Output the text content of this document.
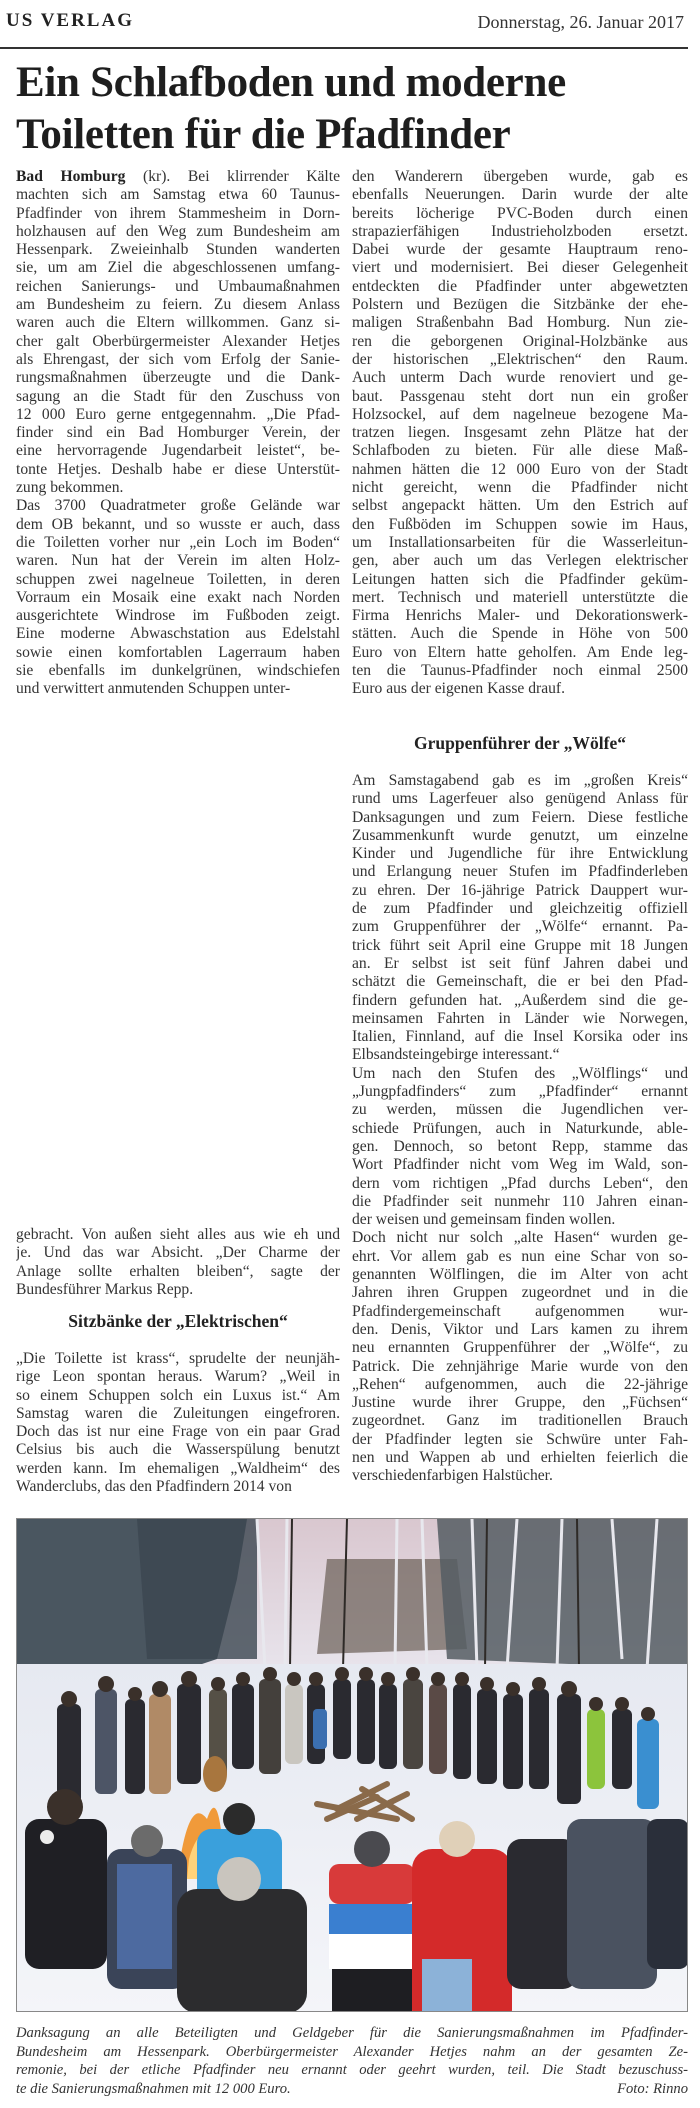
US VERLAG	Donnerstag, 26. Januar 2017
Ein Schlafboden und moderne
Toiletten für die Pfadfinder
Bad Homburg (kr). Bei klirrender Kälte
machten sich am Samstag etwa 60 Taunus-
Pfadfinder von ihrem Stammesheim in Dorn-
holzhausen auf den Weg zum Bundesheim am
Hessenpark. Zweieinhalb Stunden wanderten
sie, um am Ziel die abgeschlossenen umfang-
reichen Sanierungs- und Umbaumaßnahmen
am Bundesheim zu feiern. Zu diesem Anlass
waren auch die Eltern willkommen. Ganz si-
cher galt Oberbürgermeister Alexander Hetjes
als Ehrengast, der sich vom Erfolg der Sanie-
rungsmaßnahmen überzeugte und die Dank-
sagung an die Stadt für den Zuschuss von
12 000 Euro gerne entgegennahm. „Die Pfad-
finder sind ein Bad Homburger Verein, der
eine hervorragende Jugendarbeit leistet“, be-
tonte Hetjes. Deshalb habe er diese Unterstüt-
zung bekommen.
Das 3700 Quadratmeter große Gelände war
dem OB bekannt, und so wusste er auch, dass
die Toiletten vorher nur „ein Loch im Boden“
waren. Nun hat der Verein im alten Holz-
schuppen zwei nagelneue Toiletten, in deren
Vorraum ein Mosaik eine exakt nach Norden
ausgerichtete Windrose im Fußboden zeigt.
Eine moderne Abwaschstation aus Edelstahl
sowie einen komfortablen Lagerraum haben
sie ebenfalls im dunkelgrünen, windschiefen
und verwittert anmutenden Schuppen unter-
gebracht. Von außen sieht alles aus wie eh und
je. Und das war Absicht. „Der Charme der
Anlage sollte erhalten bleiben“, sagte der
Bundesführer Markus Repp.
Sitzbänke der „Elektrischen“
„Die Toilette ist krass“, sprudelte der neunjäh-
rige Leon spontan heraus. Warum? „Weil in
so einem Schuppen solch ein Luxus ist.“ Am
Samstag waren die Zuleitungen eingefroren.
Doch das ist nur eine Frage von ein paar Grad
Celsius bis auch die Wasserspülung benutzt
werden kann. Im ehemaligen „Waldheim“ des
Wanderclubs, das den Pfadfindern 2014 von
den Wanderern übergeben wurde, gab es
ebenfalls Neuerungen. Darin wurde der alte
bereits löcherige PVC-Boden durch einen
strapazierfähigen Industrieholzboden ersetzt.
Dabei wurde der gesamte Hauptraum reno-
viert und modernisiert. Bei dieser Gelegenheit
entdeckten die Pfadfinder unter abgewetzten
Polstern und Bezügen die Sitzbänke der ehe-
maligen Straßenbahn Bad Homburg. Nun zie-
ren die geborgenen Original-Holzbänke aus
der historischen „Elektrischen“ den Raum.
Auch unterm Dach wurde renoviert und ge-
baut. Passgenau steht dort nun ein großer
Holzsockel, auf dem nagelneue bezogene Ma-
tratzen liegen. Insgesamt zehn Plätze hat der
Schlafboden zu bieten. Für alle diese Maß-
nahmen hätten die 12 000 Euro von der Stadt
nicht gereicht, wenn die Pfadfinder nicht
selbst angepackt hätten. Um den Estrich auf
den Fußböden im Schuppen sowie im Haus,
um Installationsarbeiten für die Wasserleitun-
gen, aber auch um das Verlegen elektrischer
Leitungen hatten sich die Pfadfinder geküm-
mert. Technisch und materiell unterstützte die
Firma Henrichs Maler- und Dekorationswerk-
stätten. Auch die Spende in Höhe von 500
Euro von Eltern hatte geholfen. Am Ende leg-
ten die Taunus-Pfadfinder noch einmal 2500
Euro aus der eigenen Kasse drauf.
Gruppenführer der „Wölfe“
Am Samstagabend gab es im „großen Kreis“
rund ums Lagerfeuer also genügend Anlass für
Danksagungen und zum Feiern. Diese festliche
Zusammenkunft wurde genutzt, um einzelne
Kinder und Jugendliche für ihre Entwicklung
und Erlangung neuer Stufen im Pfadfinderleben
zu ehren. Der 16-jährige Patrick Dauppert wur-
de zum Pfadfinder und gleichzeitig offiziell
zum Gruppenführer der „Wölfe“ ernannt. Pa-
trick führt seit April eine Gruppe mit 18 Jungen
an. Er selbst ist seit fünf Jahren dabei und
schätzt die Gemeinschaft, die er bei den Pfad-
findern gefunden hat. „Außerdem sind die ge-
meinsamen Fahrten in Länder wie Norwegen,
Italien, Finnland, auf die Insel Korsika oder ins
Elbsandsteingebirge interessant.“
Um nach den Stufen des „Wölflings“ und
„Jungpfadfinders“ zum „Pfadfinder“ ernannt
zu werden, müssen die Jugendlichen ver-
schiede Prüfungen, auch in Naturkunde, able-
gen. Dennoch, so betont Repp, stamme das
Wort Pfadfinder nicht vom Weg im Wald, son-
dern vom richtigen „Pfad durchs Leben“, den
die Pfadfinder seit nunmehr 110 Jahren einan-
der weisen und gemeinsam finden wollen.
Doch nicht nur solch „alte Hasen“ wurden ge-
ehrt. Vor allem gab es nun eine Schar von so-
genannten Wölflingen, die im Alter von acht
Jahren ihren Gruppen zugeordnet und in die
Pfadfindergemeinschaft aufgenommen wur-
den. Denis, Viktor und Lars kamen zu ihrem
neu ernannten Gruppenführer der „Wölfe“, zu
Patrick. Die zehnjährige Marie wurde von den
„Rehen“ aufgenommen, auch die 22-jährige
Justine wurde ihrer Gruppe, den „Füchsen“
zugeordnet. Ganz im traditionellen Brauch
der Pfadfinder legten sie Schwüre unter Fah-
nen und Wappen ab und erhielten feierlich die
verschiedenfarbigen Halstücher.
Danksagung an alle Beteiligten und Geldgeber für die Sanierungsmaßnahmen im Pfadfinder-
Bundesheim am Hessenpark. Oberbürgermeister Alexander Hetjes nahm an der gesamten Ze-
remonie, bei der etliche Pfadfinder neu ernannt oder geehrt wurden, teil. Die Stadt bezuschuss-
te die Sanierungsmaßnahmen mit 12 000 Euro.	Foto: Rinno
